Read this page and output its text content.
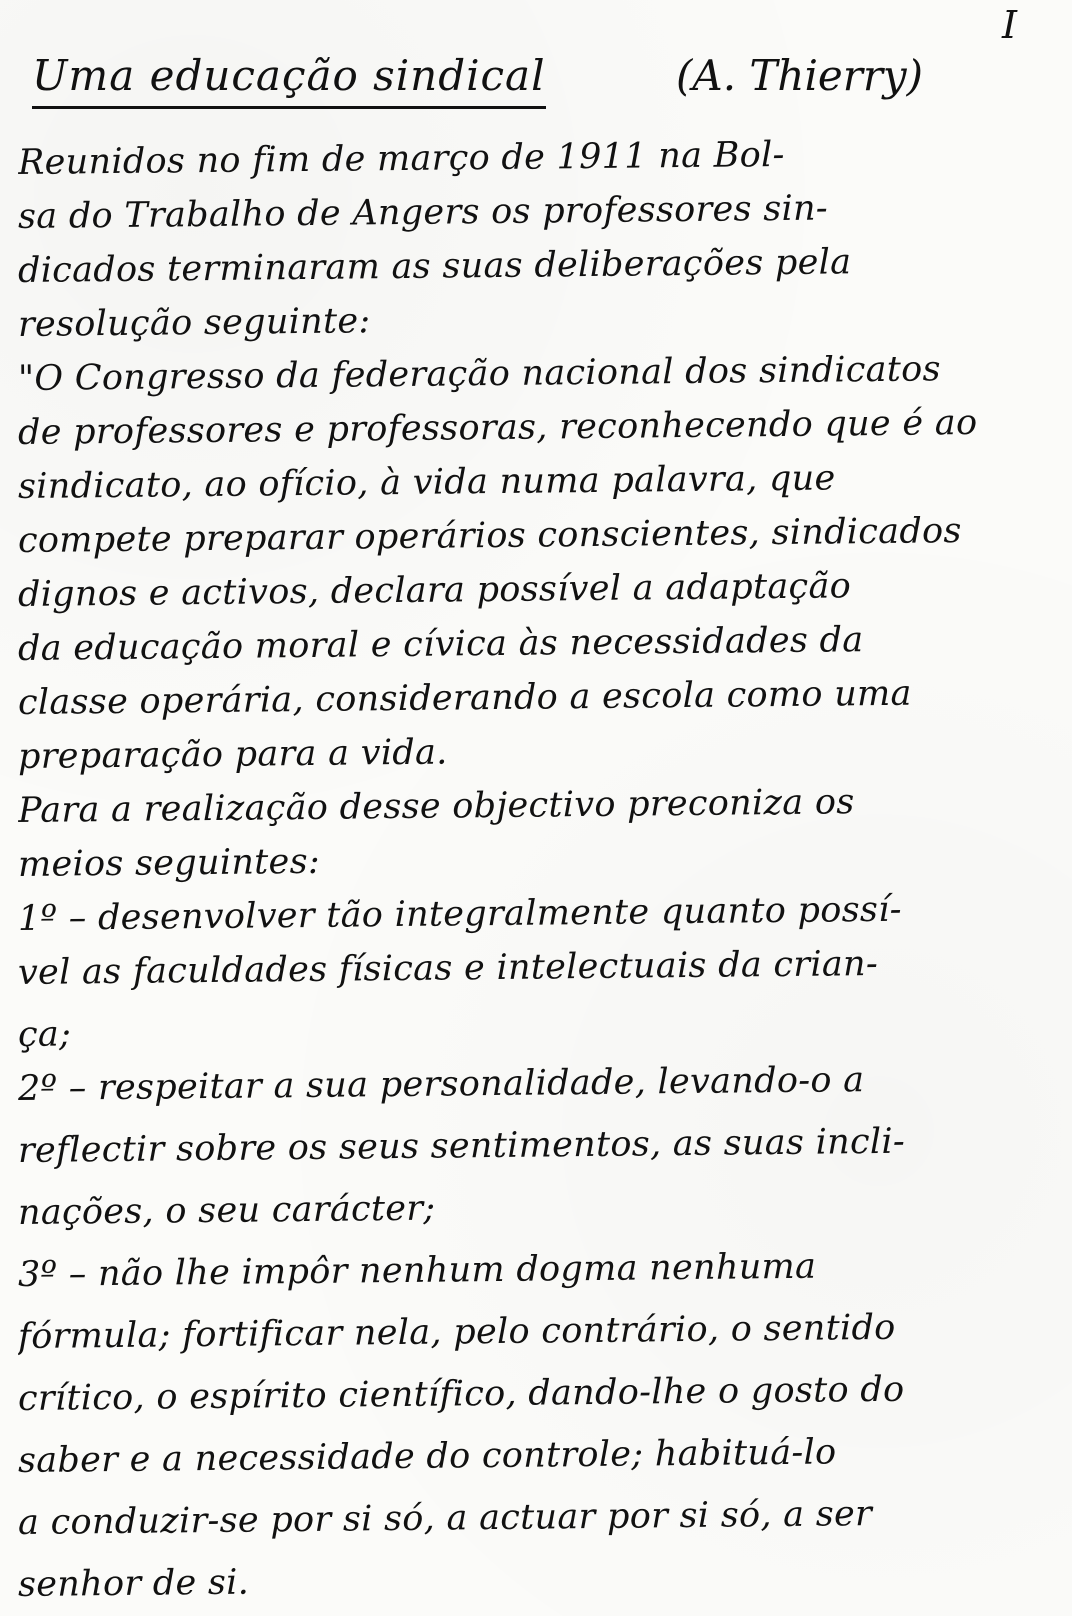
I
Uma educação sindical	(A. Thierry)
Reunidos no fim de março de 1911 na Bol-
sa do Trabalho de Angers os professores sin-
dicados terminaram as suas deliberações pela
resolução seguinte:
"O Congresso da federação nacional dos sindicatos
de professores e professoras, reconhecendo que é ao
sindicato, ao ofício, à vida numa palavra, que
compete preparar operários conscientes, sindicados
dignos e activos, declara possível a adaptação
da educação moral e cívica às necessidades da
classe operária, considerando a escola como uma
preparação para a vida.
Para a realização desse objectivo preconiza os
meios seguintes:
1º – desenvolver tão integralmente quanto possí-
vel as faculdades físicas e intelectuais da crian-
ça;
2º – respeitar a sua personalidade, levando-o a
reflectir sobre os seus sentimentos, as suas incli-
nações, o seu carácter;
3º – não lhe impôr nenhum dogma nenhuma
fórmula; fortificar nela, pelo contrário, o sentido
crítico, o espírito científico, dando-lhe o gosto do
saber e a necessidade do controle; habituá-lo
a conduzir-se por si só, a actuar por si só, a ser
senhor de si.
